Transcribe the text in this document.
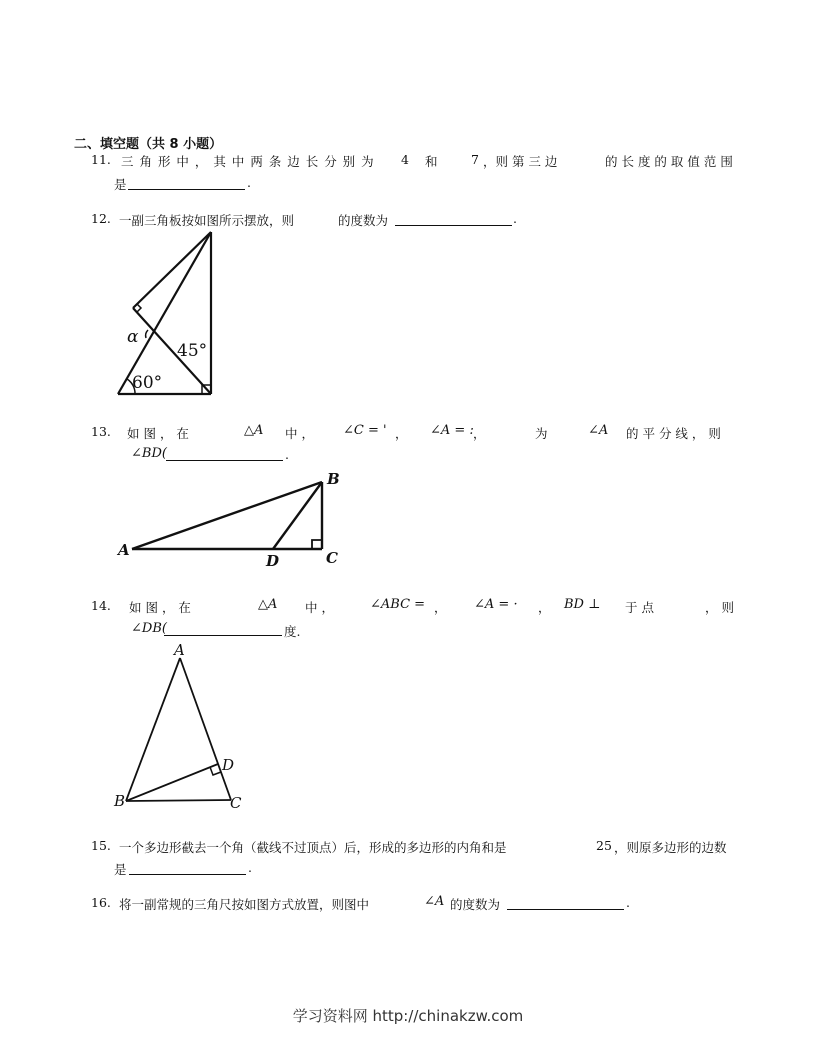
二、填空题（共 8 小题）
11. 三 角 形 中 ， 其 中 两 条 边 长 分 别 为 4 和	7 ，则 第 三 边	的 长 度 的 取 值 范 围
是	.
12. 一副三角板按如图所示摆放，则	的度数为	.
α
45°
60°
13. 如 图 ， 在	△A 中 ， ∠C = ' ， ∠A = : ，	为	∠A 的 平 分 线 ， 则
∠BD(	.
A
B
C
D
14. 如 图 ， 在	△A 中 ，	∠ABC = ， ∠A = · ， BD ⊥ 于 点	， 则
∠DB(	度.
A
B	C
D
15. 一个多边形截去一个角（截线不过顶点）后，形成的多边形的内角和是	25 ，则原多边形的边数
是	.
16. 将一副常规的三角尺按如图方式放置，则图中	∠A 的度数为	.
学习资料网 http://chinakzw.com
